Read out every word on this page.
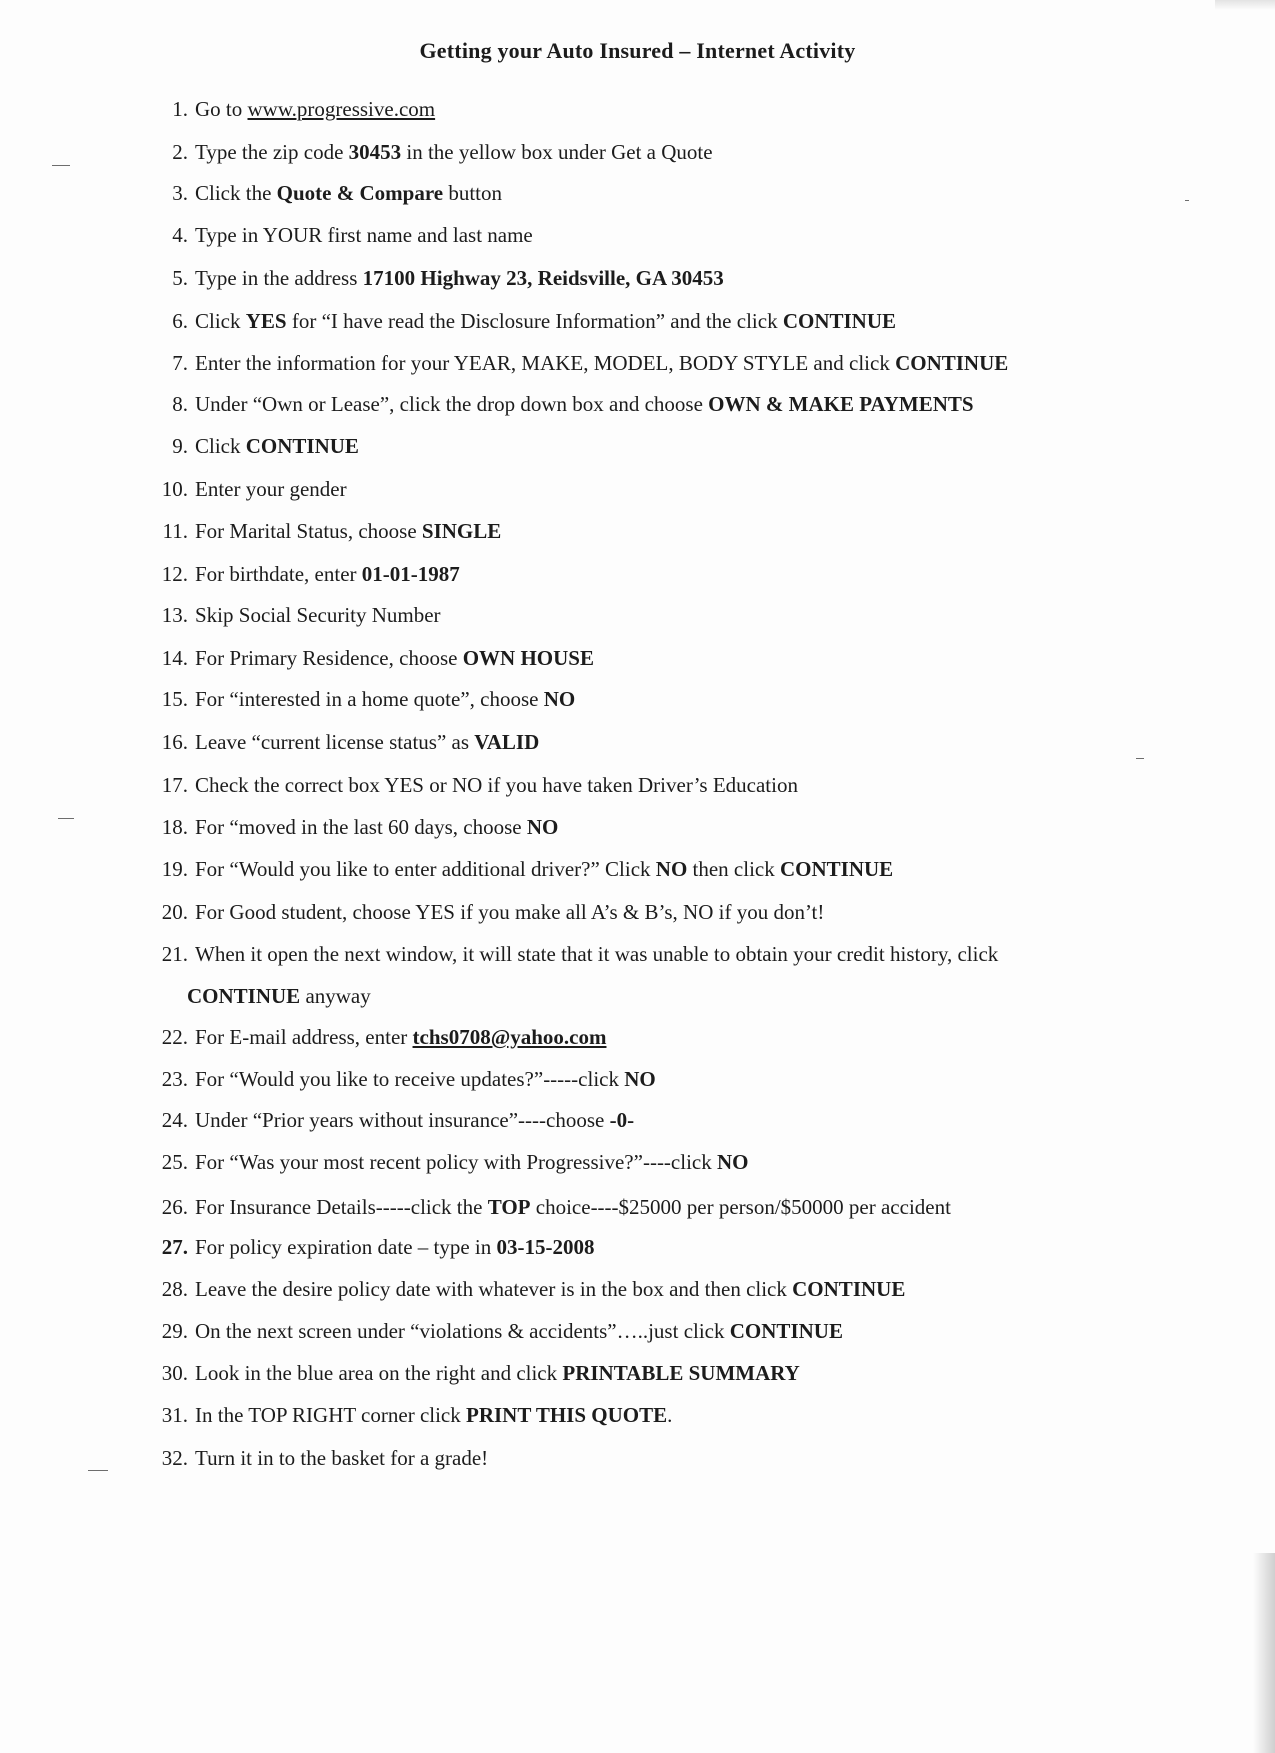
Getting your Auto Insured – Internet Activity
1. Go to www.progressive.com
2. Type the zip code 30453 in the yellow box under Get a Quote
3. Click the Quote & Compare button
4. Type in YOUR first name and last name
5. Type in the address 17100 Highway 23, Reidsville, GA 30453
6. Click YES for “I have read the Disclosure Information” and the click CONTINUE
7. Enter the information for your YEAR, MAKE, MODEL, BODY STYLE and click CONTINUE
8. Under “Own or Lease”, click the drop down box and choose OWN & MAKE PAYMENTS
9. Click CONTINUE
10. Enter your gender
11. For Marital Status, choose SINGLE
12. For birthdate, enter 01-01-1987
13. Skip Social Security Number
14. For Primary Residence, choose OWN HOUSE
15. For “interested in a home quote”, choose NO
16. Leave “current license status” as VALID
17. Check the correct box YES or NO if you have taken Driver’s Education
18. For “moved in the last 60 days, choose NO
19. For “Would you like to enter additional driver?” Click NO then click CONTINUE
20. For Good student, choose YES if you make all A’s & B’s, NO if you don’t!
21. When it open the next window, it will state that it was unable to obtain your credit history, click
CONTINUE anyway
22. For E-mail address, enter tchs0708@yahoo.com
23. For “Would you like to receive updates?”-----click NO
24. Under “Prior years without insurance”----choose -0-
25. For “Was your most recent policy with Progressive?”----click NO
26. For Insurance Details-----click the TOP choice----$25000 per person/$50000 per accident
27. For policy expiration date – type in 03-15-2008
28. Leave the desire policy date with whatever is in the box and then click CONTINUE
29. On the next screen under “violations & accidents”…..just click CONTINUE
30. Look in the blue area on the right and click PRINTABLE SUMMARY
31. In the TOP RIGHT corner click PRINT THIS QUOTE.
32. Turn it in to the basket for a grade!
